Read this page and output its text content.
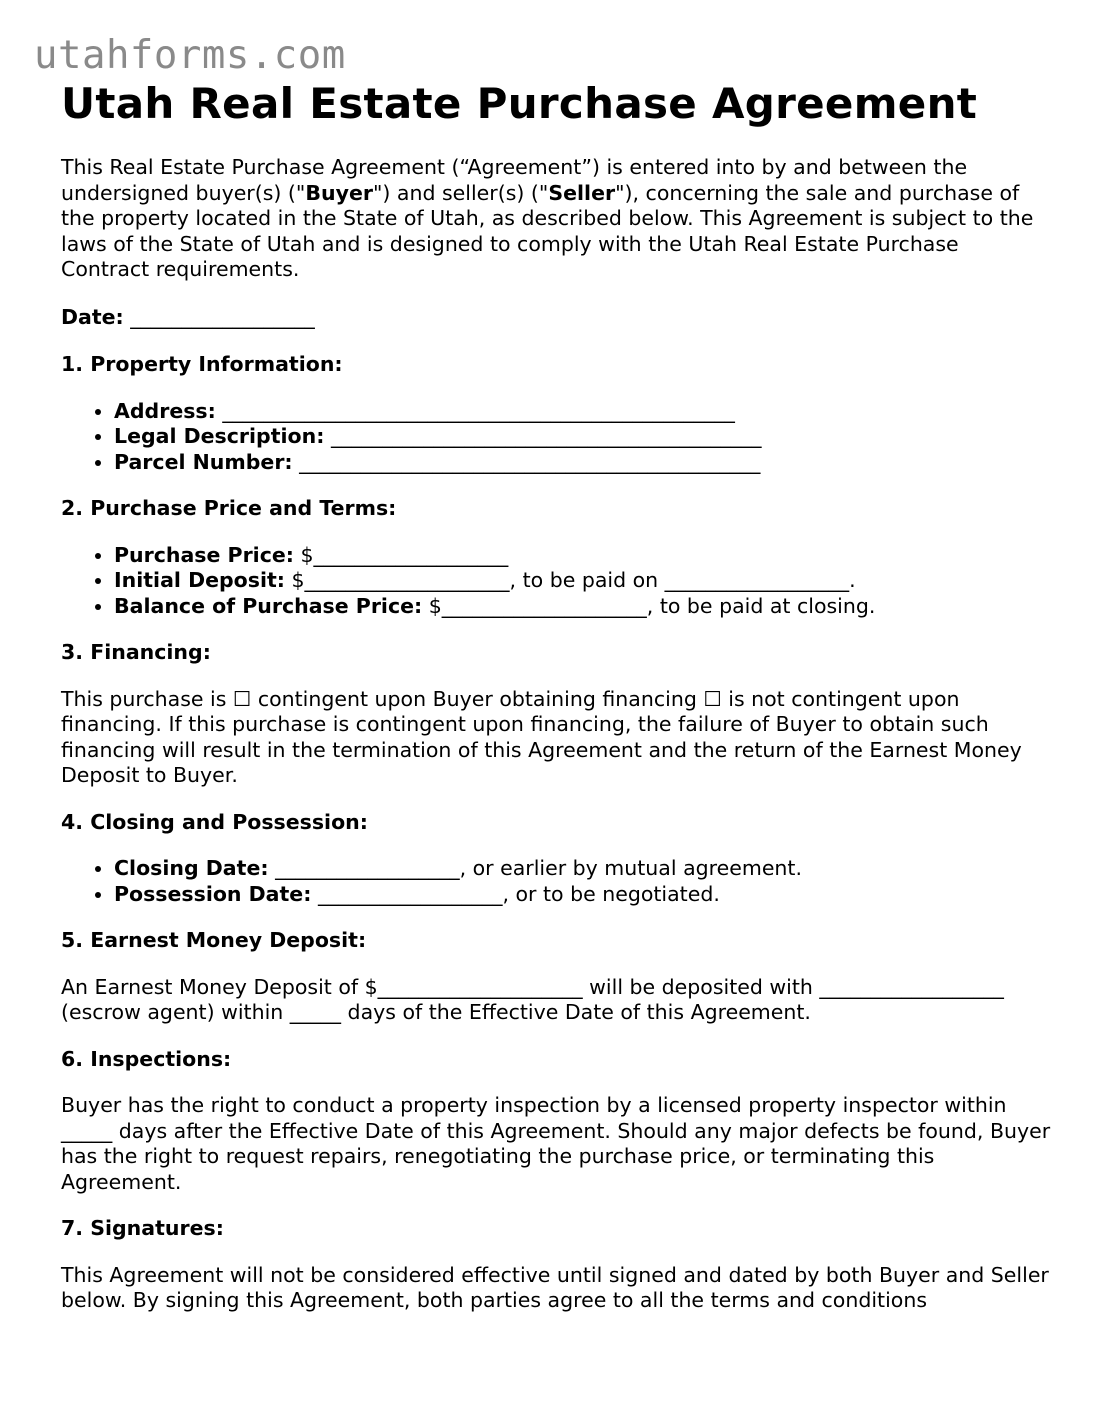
utahforms.com
Utah Real Estate Purchase Agreement

This Real Estate Purchase Agreement (“Agreement”) is entered into by and between the undersigned buyer(s) ("Buyer") and seller(s) ("Seller"), concerning the sale and purchase of the property located in the State of Utah, as described below. This Agreement is subject to the laws of the State of Utah and is designed to comply with the Utah Real Estate Purchase Contract requirements.

Date: __________________
1. Property Information:
• Address: __________________________________________________
• Legal Description: __________________________________________
• Parcel Number: _____________________________________________
2. Purchase Price and Terms:
• Purchase Price: $___________________
• Initial Deposit: $____________________, to be paid on __________________.
• Balance of Purchase Price: $____________________, to be paid at closing.
3. Financing:

This purchase is ☐ contingent upon Buyer obtaining financing ☐ is not contingent upon financing. If this purchase is contingent upon financing, the failure of Buyer to obtain such financing will result in the termination of this Agreement and the return of the Earnest Money Deposit to Buyer.

4. Closing and Possession:
• Closing Date: __________________, or earlier by mutual agreement.
• Possession Date: __________________, or to be negotiated.
5. Earnest Money Deposit:

An Earnest Money Deposit of $____________________ will be deposited with __________________ (escrow agent) within _____ days of the Effective Date of this Agreement.

6. Inspections:

Buyer has the right to conduct a property inspection by a licensed property inspector within _____ days after the Effective Date of this Agreement. Should any major defects be found, Buyer has the right to request repairs, renegotiating the purchase price, or terminating this Agreement.

7. Signatures:

This Agreement will not be considered effective until signed and dated by both Buyer and Seller below. By signing this Agreement, both parties agree to all the terms and conditions
